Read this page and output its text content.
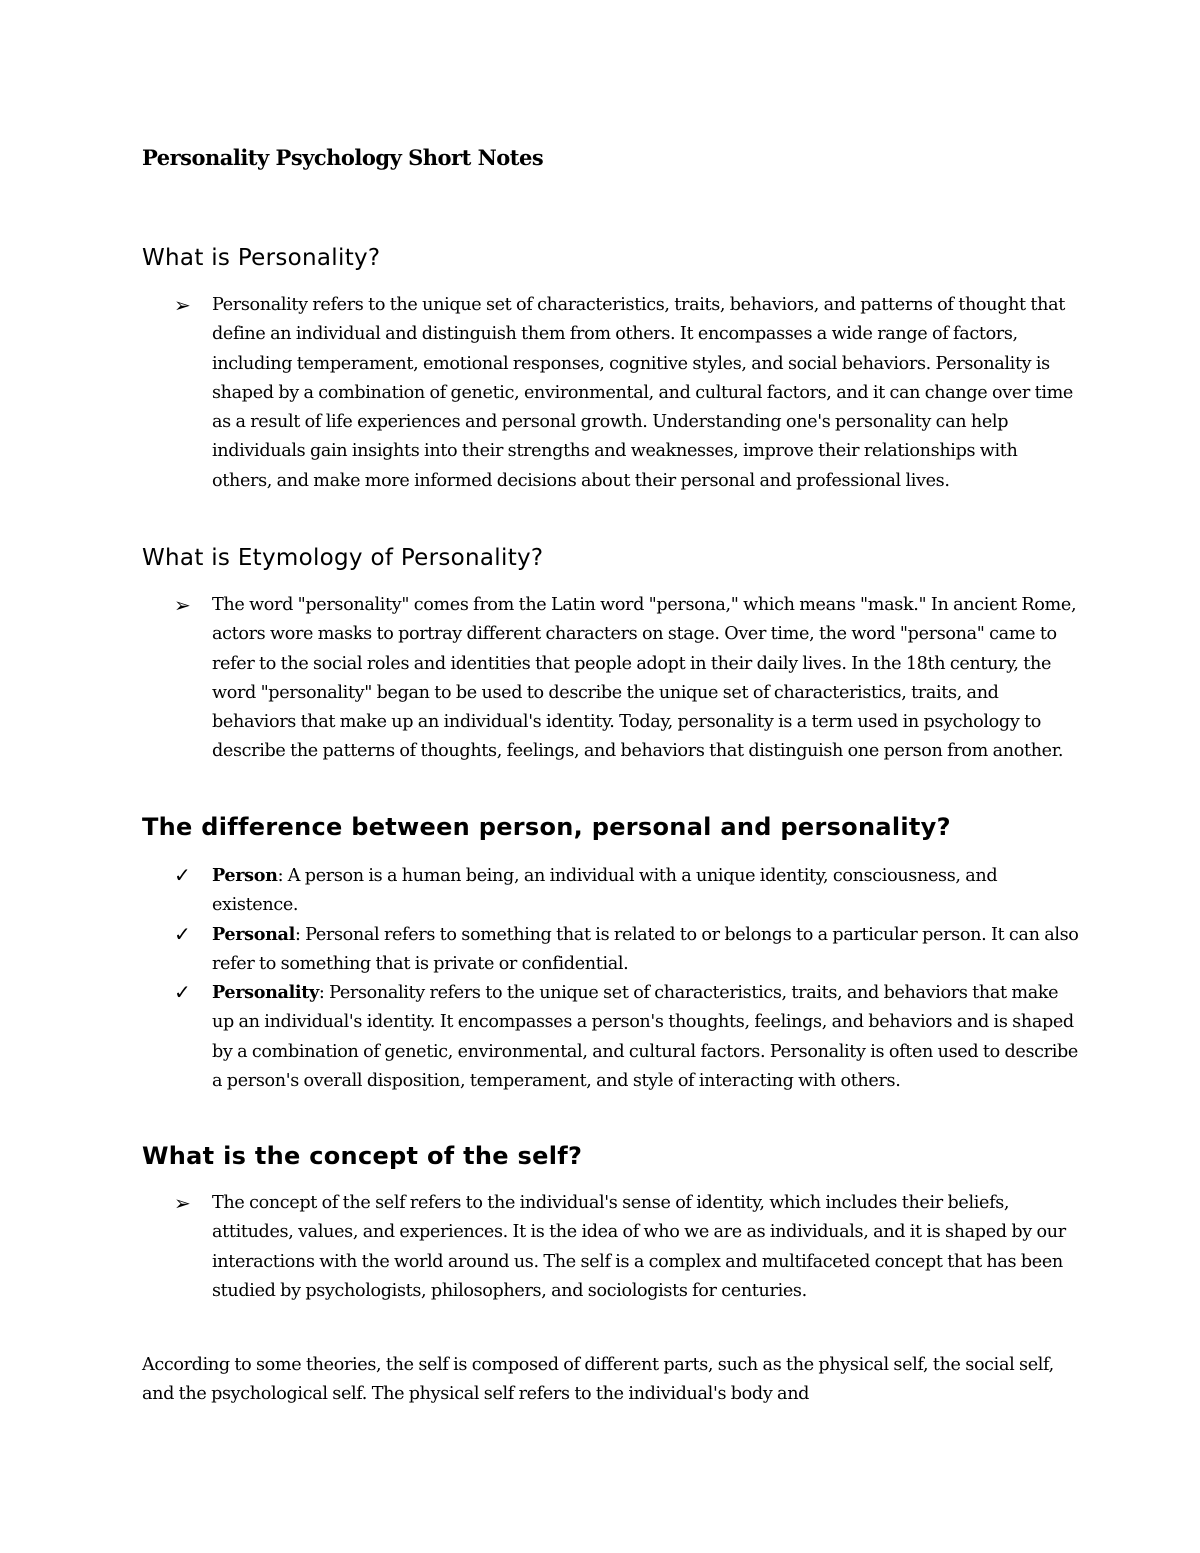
Personality Psychology Short Notes
What is Personality?
➢	Personality refers to the unique set of characteristics, traits, behaviors, and patterns of thought that define an individual and distinguish them from others. It encompasses a wide range of factors, including temperament, emotional responses, cognitive styles, and social behaviors. Personality is shaped by a combination of genetic, environmental, and cultural factors, and it can change over time as a result of life experiences and personal growth. Understanding one's personality can help individuals gain insights into their strengths and weaknesses, improve their relationships with others, and make more informed decisions about their personal and professional lives.
What is Etymology of Personality?
➢	The word "personality" comes from the Latin word "persona," which means "mask." In ancient Rome, actors wore masks to portray different characters on stage. Over time, the word "persona" came to refer to the social roles and identities that people adopt in their daily lives. In the 18th century, the word "personality" began to be used to describe the unique set of characteristics, traits, and behaviors that make up an individual's identity. Today, personality is a term used in psychology to describe the patterns of thoughts, feelings, and behaviors that distinguish one person from another.
The difference between person, personal and personality?
✓	Person: A person is a human being, an individual with a unique identity, consciousness, and existence.
✓	Personal: Personal refers to something that is related to or belongs to a particular person. It can also refer to something that is private or confidential.
✓	Personality: Personality refers to the unique set of characteristics, traits, and behaviors that make up an individual's identity. It encompasses a person's thoughts, feelings, and behaviors and is shaped by a combination of genetic, environmental, and cultural factors. Personality is often used to describe a person's overall disposition, temperament, and style of interacting with others.
What is the concept of the self?
➢	The concept of the self refers to the individual's sense of identity, which includes their beliefs, attitudes, values, and experiences. It is the idea of who we are as individuals, and it is shaped by our interactions with the world around us. The self is a complex and multifaceted concept that has been studied by psychologists, philosophers, and sociologists for centuries.

According to some theories, the self is composed of different parts, such as the physical self, the social self, and the psychological self. The physical self refers to the individual's body and
